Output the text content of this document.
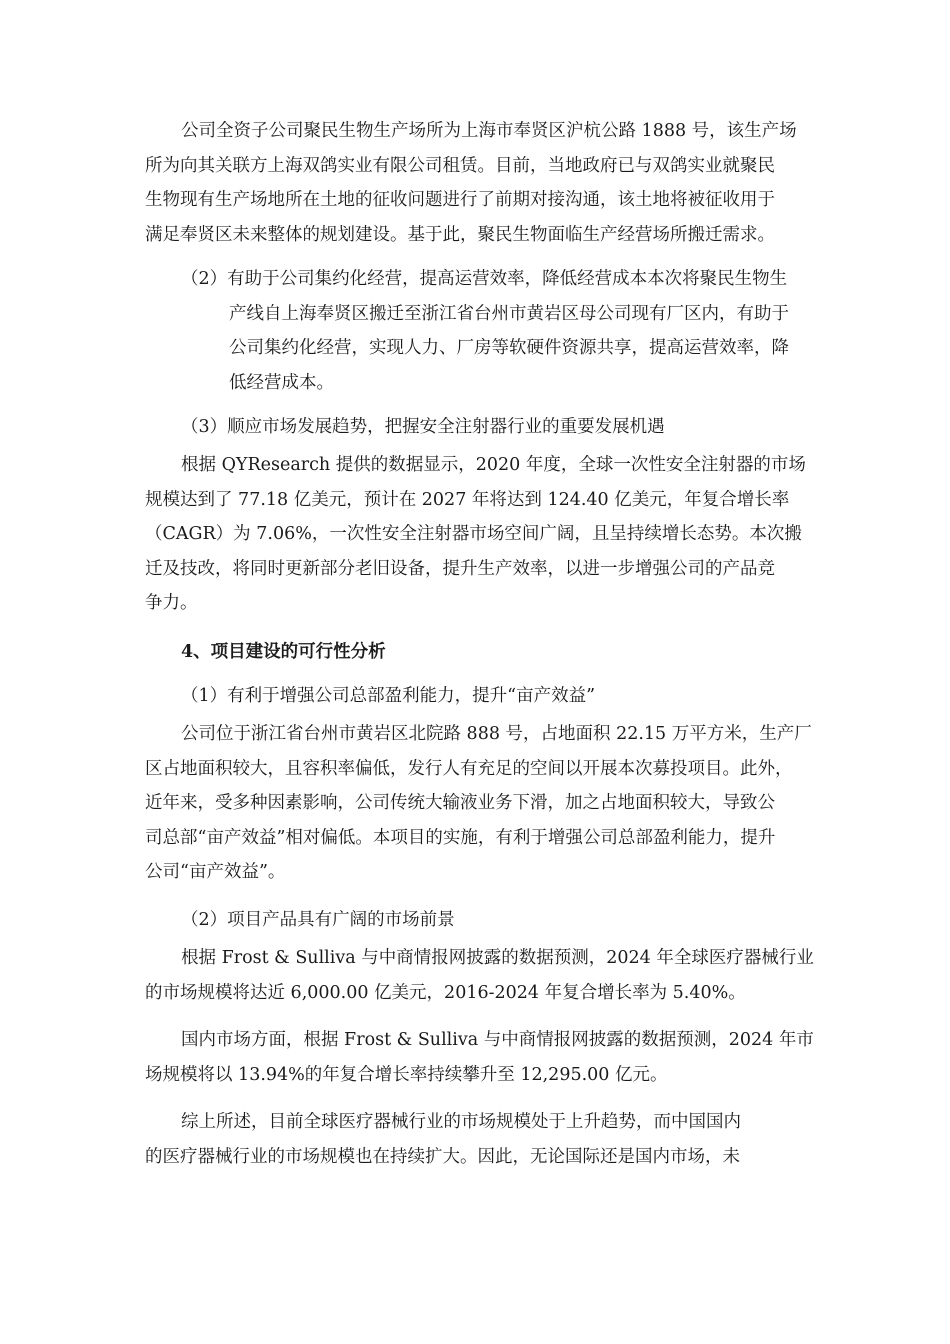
公司全资子公司聚民生物生产场所为上海市奉贤区沪杭公路 1888 号，该生产场
所为向其关联方上海双鸽实业有限公司租赁。目前，当地政府已与双鸽实业就聚民
生物现有生产场地所在土地的征收问题进行了前期对接沟通，该土地将被征收用于
满足奉贤区未来整体的规划建设。基于此，聚民生物面临生产经营场所搬迁需求。
（2）有助于公司集约化经营，提高运营效率，降低经营成本本次将聚民生物生
产线自上海奉贤区搬迁至浙江省台州市黄岩区母公司现有厂区内，有助于
公司集约化经营，实现人力、厂房等软硬件资源共享，提高运营效率，降
低经营成本。
（3）顺应市场发展趋势，把握安全注射器行业的重要发展机遇
根据 QYResearch 提供的数据显示，2020 年度，全球一次性安全注射器的市场
规模达到了 77.18 亿美元，预计在 2027 年将达到 124.40 亿美元，年复合增长率
（CAGR）为 7.06%，一次性安全注射器市场空间广阔，且呈持续增长态势。本次搬
迁及技改，将同时更新部分老旧设备，提升生产效率，以进一步增强公司的产品竞
争力。
4、项目建设的可行性分析
（1）有利于增强公司总部盈利能力，提升“亩产效益”
公司位于浙江省台州市黄岩区北院路 888 号，占地面积 22.15 万平方米，生产厂
区占地面积较大，且容积率偏低，发行人有充足的空间以开展本次募投项目。此外，
近年来，受多种因素影响，公司传统大输液业务下滑，加之占地面积较大，导致公
司总部“亩产效益”相对偏低。本项目的实施，有利于增强公司总部盈利能力，提升
公司“亩产效益”。
（2）项目产品具有广阔的市场前景
根据 Frost & Sulliva 与中商情报网披露的数据预测，2024 年全球医疗器械行业
的市场规模将达近 6,000.00 亿美元，2016-2024 年复合增长率为 5.40%。
国内市场方面，根据 Frost & Sulliva 与中商情报网披露的数据预测，2024 年市
场规模将以 13.94%的年复合增长率持续攀升至 12,295.00 亿元。
综上所述，目前全球医疗器械行业的市场规模处于上升趋势，而中国国内
的医疗器械行业的市场规模也在持续扩大。因此，无论国际还是国内市场，未
